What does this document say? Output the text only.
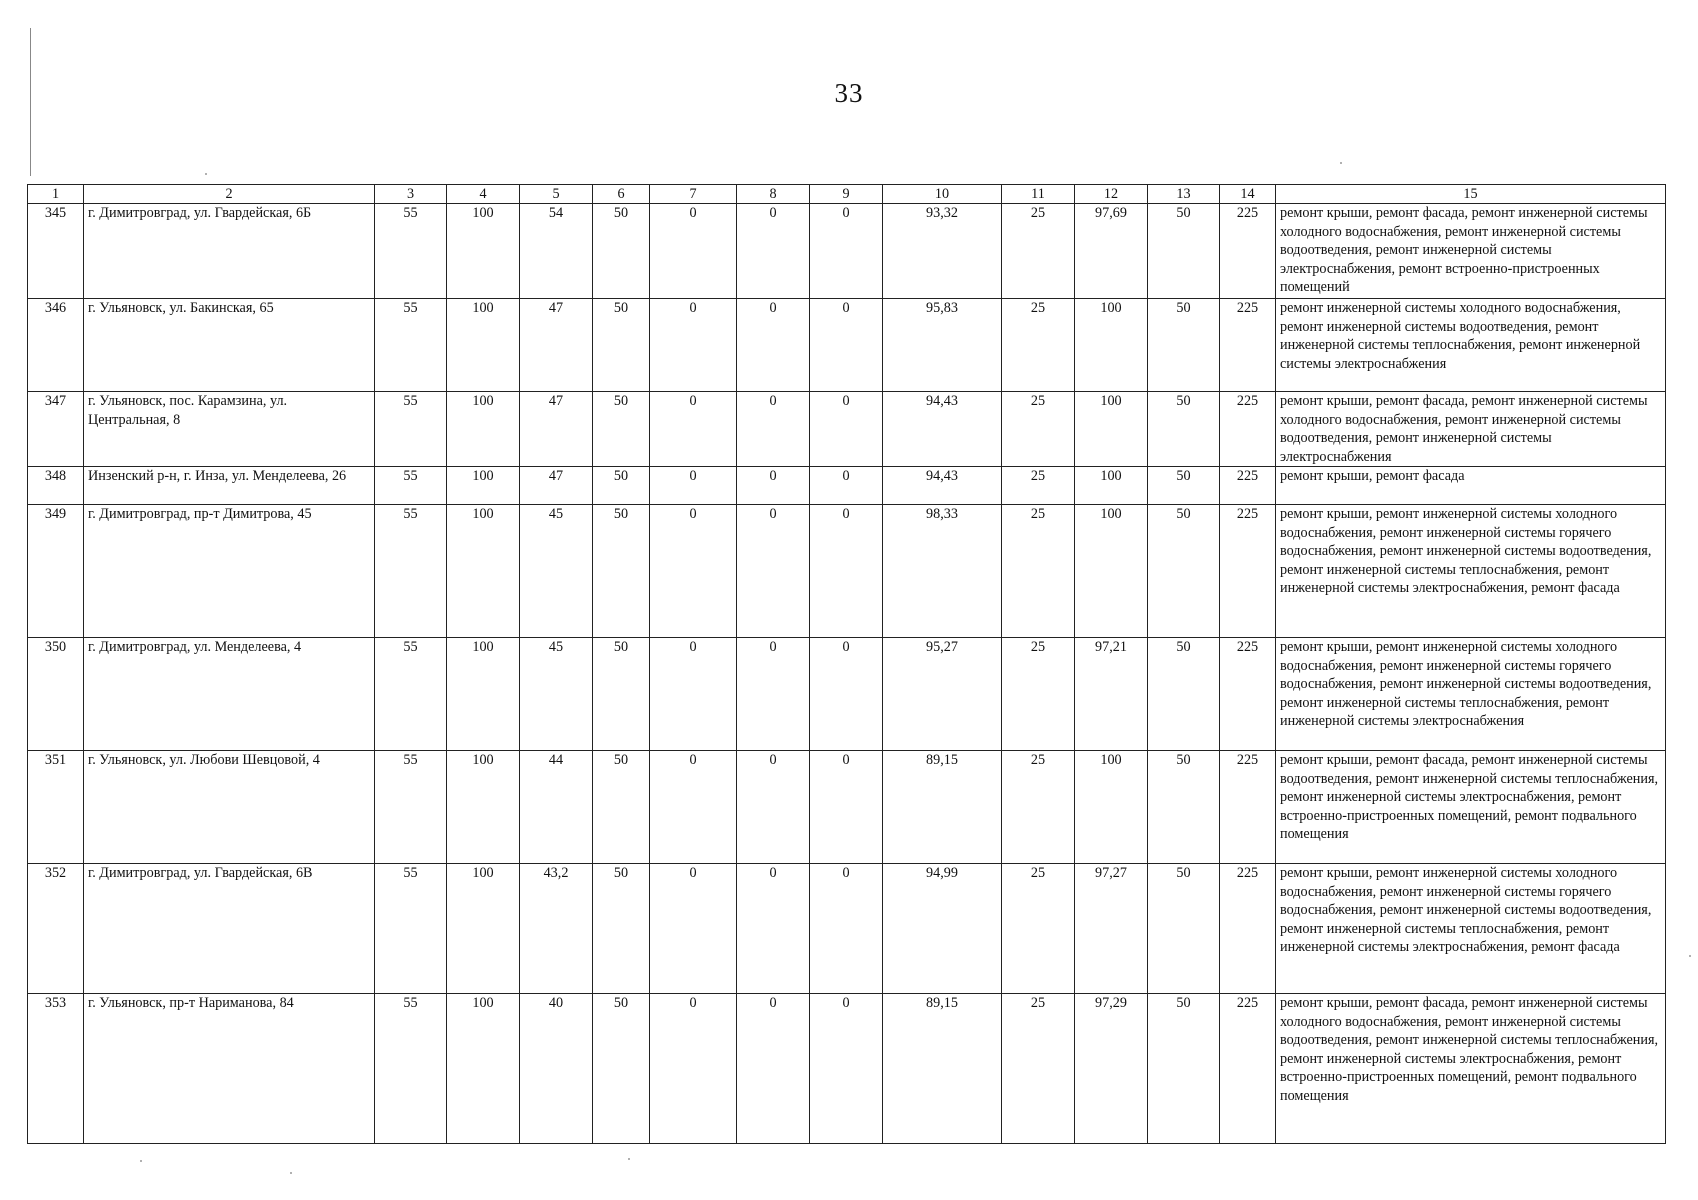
33
1	2	3	4	5	6	7	8	9	10	11	12	13	14	15
345	г. Димитровград, ул. Гвардейская, 6Б	55	100	54	50	0	0	0	93,32	25	97,69	50	225	ремонт крыши, ремонт фасада, ремонт инженерной системы холодного водоснабжения, ремонт инженерной системы водоотведения, ремонт инженерной системы электроснабжения, ремонт встроенно-пристроенных помещений
346	г. Ульяновск, ул. Бакинская, 65	55	100	47	50	0	0	0	95,83	25	100	50	225	ремонт инженерной системы холодного водоснабжения, ремонт инженерной системы водоотведения, ремонт инженерной системы теплоснабжения, ремонт инженерной системы электроснабжения
347	г. Ульяновск, пос. Карамзина, ул. Центральная, 8	55	100	47	50	0	0	0	94,43	25	100	50	225	ремонт крыши, ремонт фасада, ремонт инженерной системы холодного водоснабжения, ремонт инженерной системы водоотведения, ремонт инженерной системы электроснабжения
348	Инзенский р-н, г. Инза, ул. Менделеева, 26	55	100	47	50	0	0	0	94,43	25	100	50	225	ремонт крыши, ремонт фасада
349	г. Димитровград, пр-т Димитрова, 45	55	100	45	50	0	0	0	98,33	25	100	50	225	ремонт крыши, ремонт инженерной системы холодного водоснабжения, ремонт инженерной системы горячего водоснабжения, ремонт инженерной системы водоотведения, ремонт инженерной системы теплоснабжения, ремонт инженерной системы электроснабжения, ремонт фасада
350	г. Димитровград, ул. Менделеева, 4	55	100	45	50	0	0	0	95,27	25	97,21	50	225	ремонт крыши, ремонт инженерной системы холодного водоснабжения, ремонт инженерной системы горячего водоснабжения, ремонт инженерной системы водоотведения, ремонт инженерной системы теплоснабжения, ремонт инженерной системы электроснабжения
351	г. Ульяновск, ул. Любови Шевцовой, 4	55	100	44	50	0	0	0	89,15	25	100	50	225	ремонт крыши, ремонт фасада, ремонт инженерной системы водоотведения, ремонт инженерной системы теплоснабжения, ремонт инженерной системы электроснабжения, ремонт встроенно-пристроенных помещений, ремонт подвального помещения
352	г. Димитровград, ул. Гвардейская, 6В	55	100	43,2	50	0	0	0	94,99	25	97,27	50	225	ремонт крыши, ремонт инженерной системы холодного водоснабжения, ремонт инженерной системы горячего водоснабжения, ремонт инженерной системы водоотведения, ремонт инженерной системы теплоснабжения, ремонт инженерной системы электроснабжения, ремонт фасада
353	г. Ульяновск, пр-т Нариманова, 84	55	100	40	50	0	0	0	89,15	25	97,29	50	225	ремонт крыши, ремонт фасада, ремонт инженерной системы холодного водоснабжения, ремонт инженерной системы водоотведения, ремонт инженерной системы теплоснабжения, ремонт инженерной системы электроснабжения, ремонт встроенно-пристроенных помещений, ремонт подвального помещения
